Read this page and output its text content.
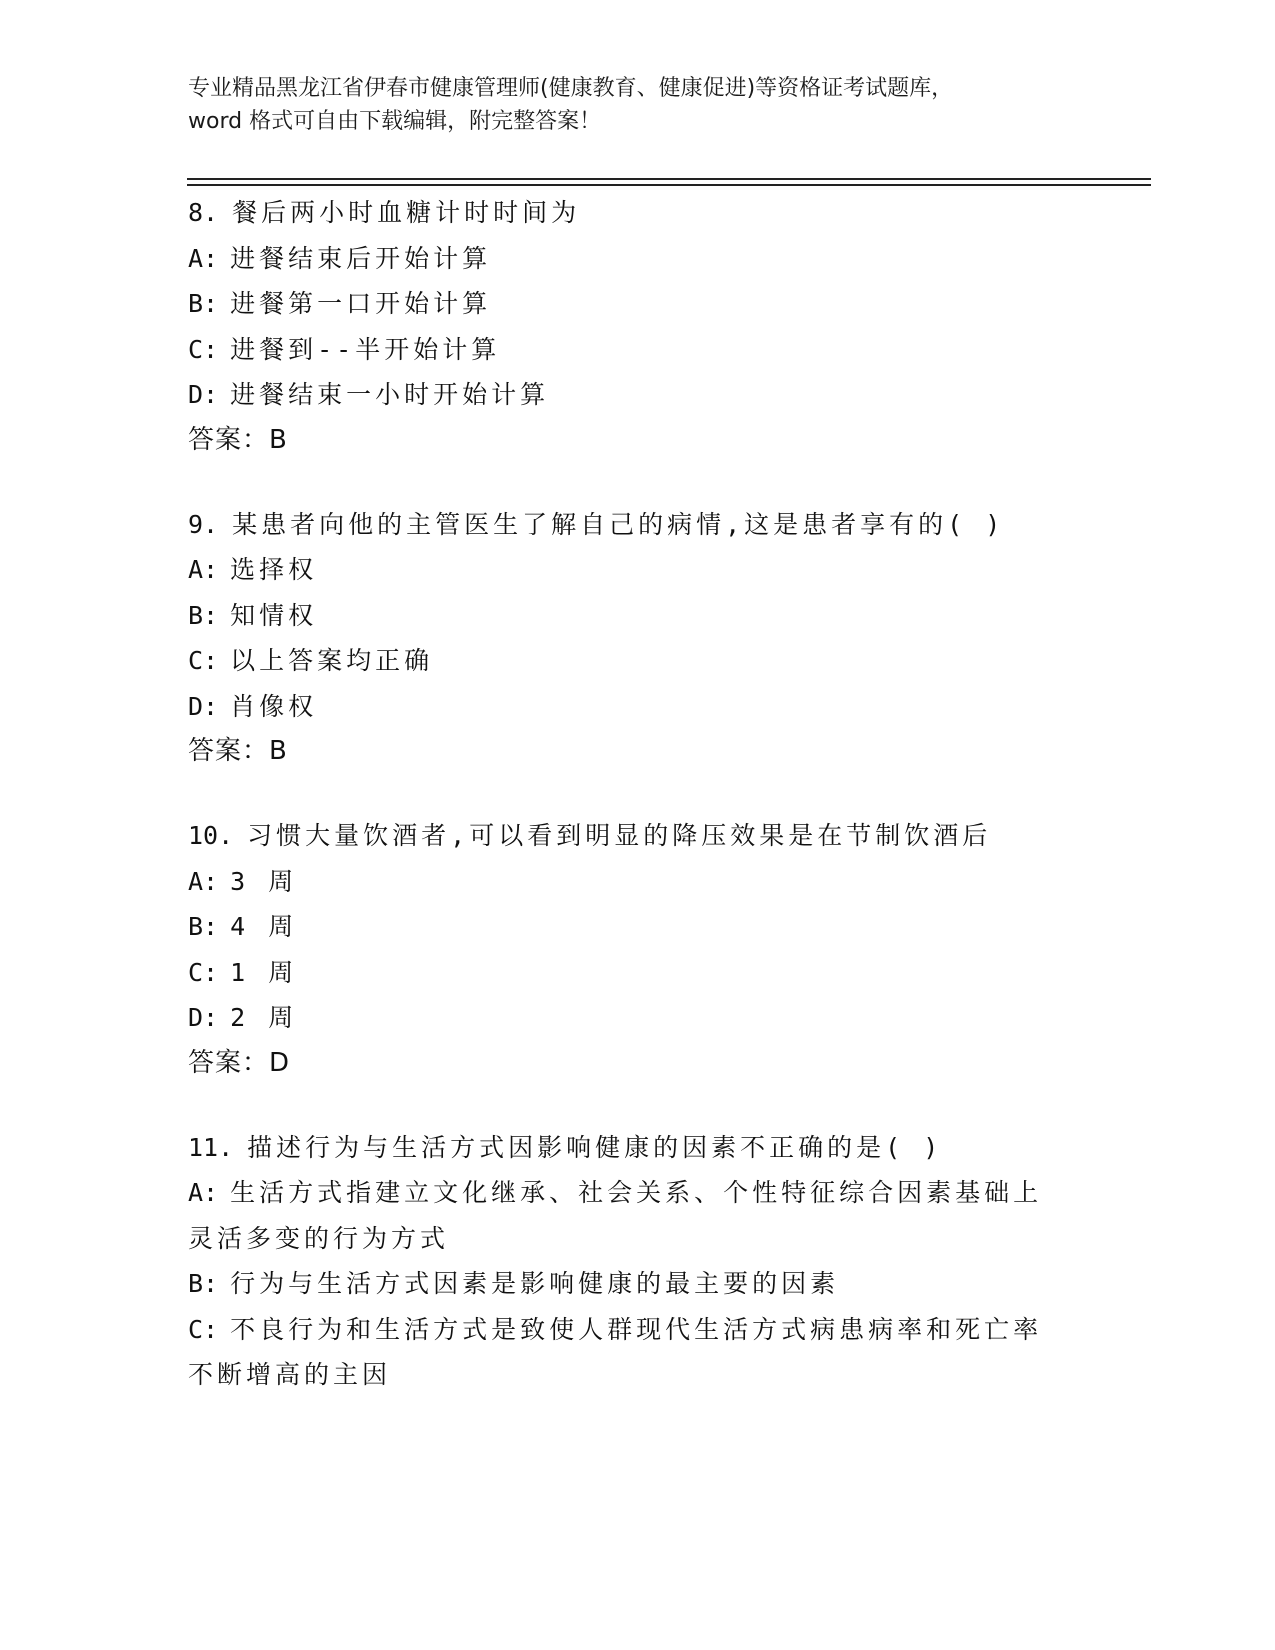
专业精品黑龙江省伊春市健康管理师(健康教育、健康促进)等资格证考试题库，
word 格式可自由下载编辑，附完整答案！
8. 餐后两小时血糖计时时间为
A: 进餐结束后开始计算
B: 进餐第一口开始计算
C: 进餐到--半开始计算
D: 进餐结束一小时开始计算
答案：B
9. 某患者向他的主管医生了解自己的病情,这是患者享有的( )
A: 选择权
B: 知情权
C: 以上答案均正确
D: 肖像权
答案：B
10. 习惯大量饮酒者,可以看到明显的降压效果是在节制饮酒后
A: 3 周
B: 4 周
C: 1 周
D: 2 周
答案：D
11. 描述行为与生活方式因影响健康的因素不正确的是( )
A: 生活方式指建立文化继承、社会关系、个性特征综合因素基础上灵活多变的行为方式
B: 行为与生活方式因素是影响健康的最主要的因素
C: 不良行为和生活方式是致使人群现代生活方式病患病率和死亡率不断增高的主因
